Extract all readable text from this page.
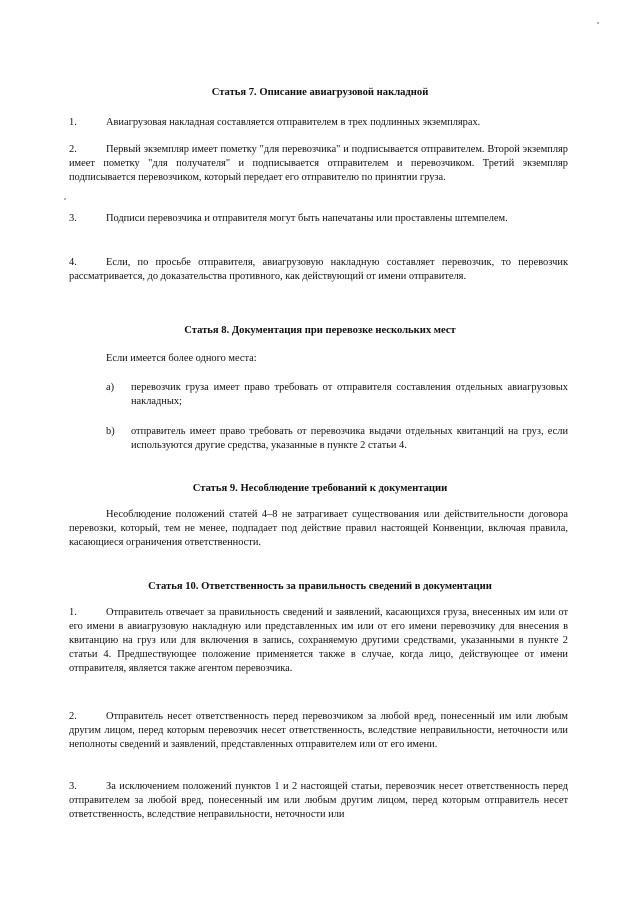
Статья 7. Описание авиагрузовой накладной
1.	Авиагрузовая накладная составляется отправителем в трех подлинных экземплярах.
2.	Первый экземпляр имеет пометку "для перевозчика" и подписывается отправителем. Второй экземпляр имеет пометку "для получателя" и подписывается отправителем и перевозчиком. Третий экземпляр подписывается перевозчиком, который передает его отправителю по принятии груза.
3.	Подписи перевозчика и отправителя могут быть напечатаны или проставлены штемпелем.
4.	Если, по просьбе отправителя, авиагрузовую накладную составляет перевозчик, то перевозчик рассматривается, до доказательства противного, как действующий от имени отправителя.
Статья 8. Документация при перевозке нескольких мест
Если имеется более одного места:
a) перевозчик груза имеет право требовать от отправителя составления отдельных авиагрузовых накладных;
b) отправитель имеет право требовать от перевозчика выдачи отдельных квитанций на груз, если используются другие средства, указанные в пункте 2 статьи 4.
Статья 9. Несоблюдение требований к документации
Несоблюдение положений статей 4–8 не затрагивает существования или действительности договора перевозки, который, тем не менее, подпадает под действие правил настоящей Конвенции, включая правила, касающиеся ограничения ответственности.
Статья 10. Ответственность за правильность сведений в документации
1.	Отправитель отвечает за правильность сведений и заявлений, касающихся груза, внесенных им или от его имени в авиагрузовую накладную или представленных им или от его имени перевозчику для внесения в квитанцию на груз или для включения в запись, сохраняемую другими средствами, указанными в пункте 2 статьи 4. Предшествующее положение применяется также в случае, когда лицо, действующее от имени отправителя, является также агентом перевозчика.
2.	Отправитель несет ответственность перед перевозчиком за любой вред, понесенный им или любым другим лицом, перед которым перевозчик несет ответственность, вследствие неправильности, неточности или неполноты сведений и заявлений, представленных отправителем или от его имени.
3.	За исключением положений пунктов 1 и 2 настоящей статьи, перевозчик несет ответственность перед отправителем за любой вред, понесенный им или любым другим лицом, перед которым отправитель несет ответственность, вследствие неправильности, неточности или
